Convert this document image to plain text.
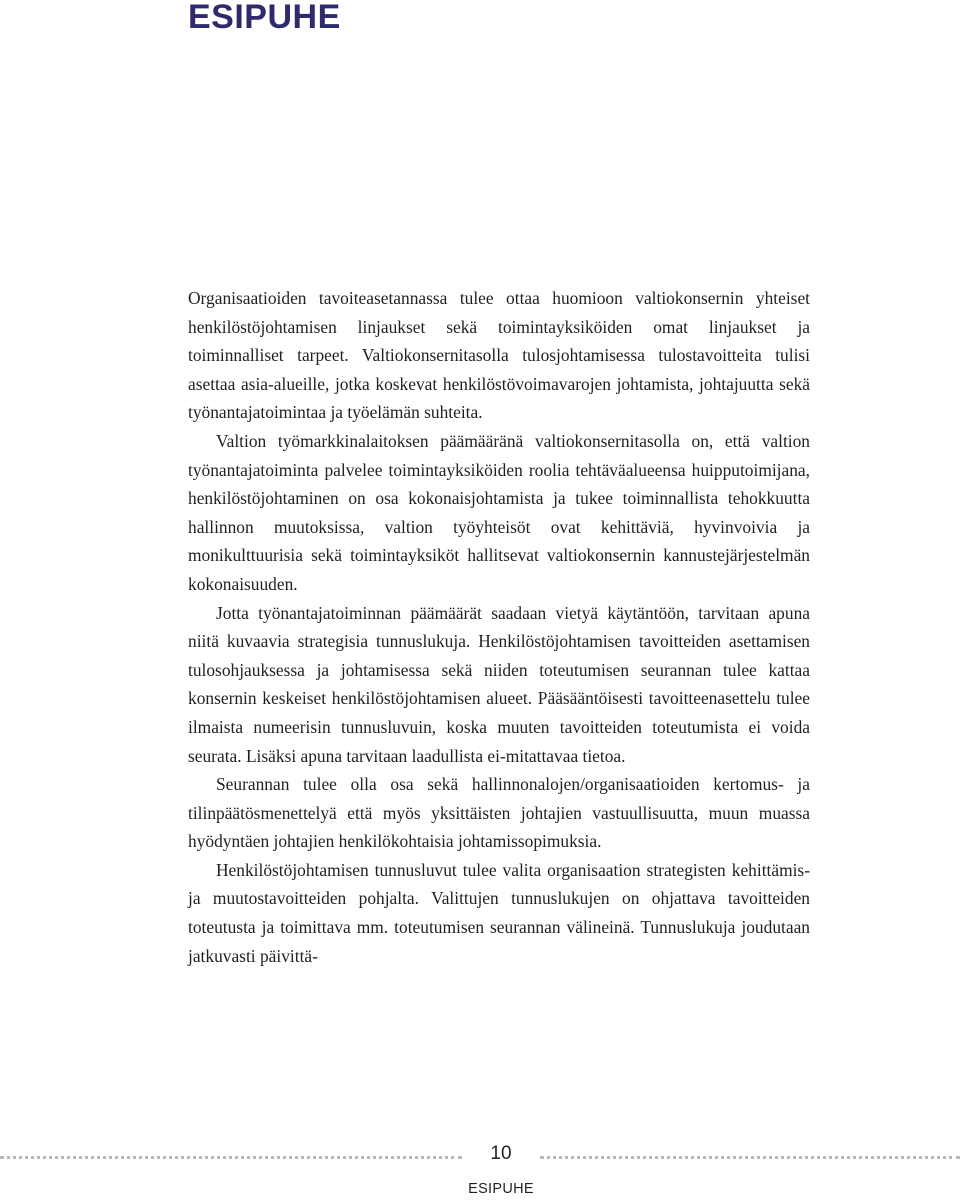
ESIPUHE

Organisaatioiden tavoiteasetannassa tulee ottaa huomioon valtiokonsernin yhteiset henkilöstöjohtamisen linjaukset sekä toimintayksiköiden omat linjaukset ja toiminnalliset tarpeet. Valtiokonsernitasolla tulosjohtamisessa tulostavoitteita tulisi asettaa asia-alueille, jotka koskevat henkilöstövoimavarojen johtamista, johtajuutta sekä työnantajatoimintaa ja työelämän suhteita.

Valtion työmarkkinalaitoksen päämääränä valtiokonsernitasolla on, että valtion työnantajatoiminta palvelee toimintayksiköiden roolia tehtäväalueensa huipputoimijana, henkilöstöjohtaminen on osa kokonaisjohtamista ja tukee toiminnallista tehokkuutta hallinnon muutoksissa, valtion työyhteisöt ovat kehittäviä, hyvinvoivia ja monikulttuurisia sekä toimintayksiköt hallitsevat valtiokonsernin kannustejärjestelmän kokonaisuuden.

Jotta työnantajatoiminnan päämäärät saadaan vietyä käytäntöön, tarvitaan apuna niitä kuvaavia strategisia tunnuslukuja. Henkilöstöjohtamisen tavoitteiden asettamisen tulosohjauksessa ja johtamisessa sekä niiden toteutumisen seurannan tulee kattaa konsernin keskeiset henkilöstöjohtamisen alueet. Pääsääntöisesti tavoitteenasettelu tulee ilmaista numeerisin tunnusluvuin, koska muuten tavoitteiden toteutumista ei voida seurata. Lisäksi apuna tarvitaan laadullista ei-mitattavaa tietoa.

Seurannan tulee olla osa sekä hallinnonalojen/organisaatioiden kertomus- ja tilinpäätösmenettelyä että myös yksittäisten johtajien vastuullisuutta, muun muassa hyödyntäen johtajien henkilökohtaisia johtamissopimuksia.

Henkilöstöjohtamisen tunnusluvut tulee valita organisaation strategisten kehittämis- ja muutostavoitteiden pohjalta. Valittujen tunnuslukujen on ohjattava tavoitteiden toteutusta ja toimittava mm. toteutumisen seurannan välineinä. Tunnuslukuja joudutaan jatkuvasti päivittä-

10
ESIPUHE
